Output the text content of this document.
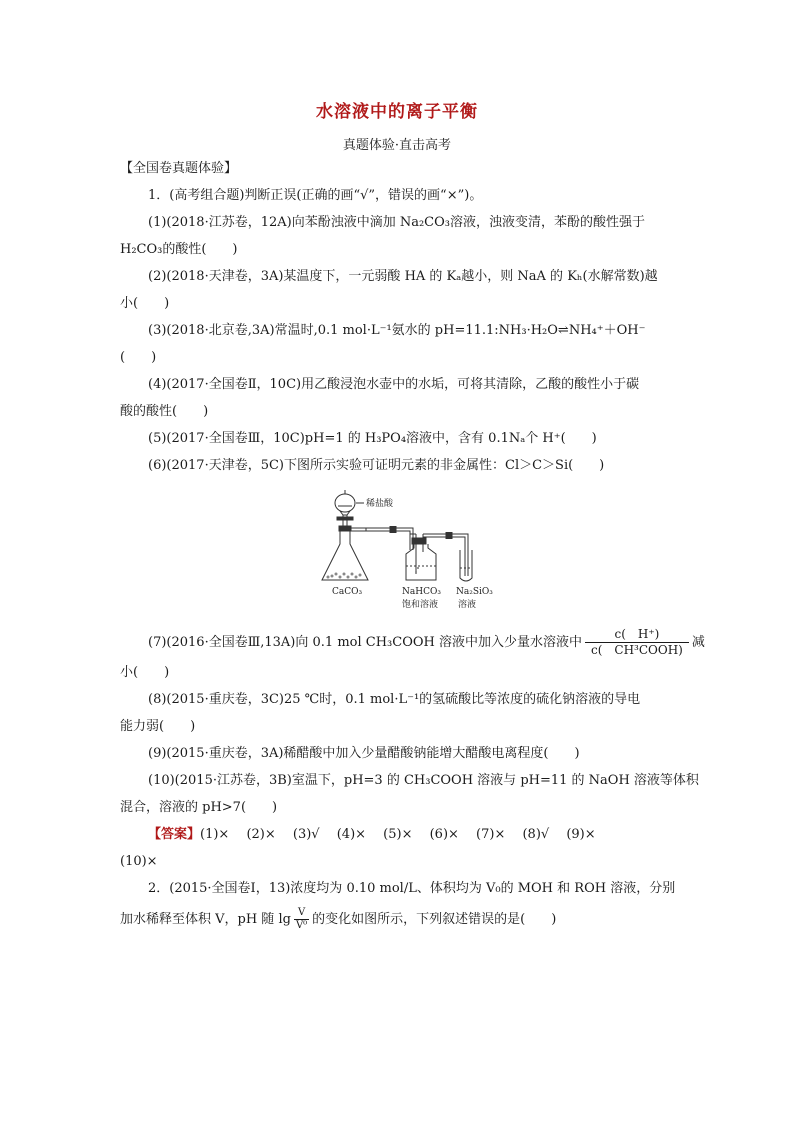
水溶液中的离子平衡
真题体验·直击高考
【全国卷真题体验】
1．(高考组合题)判断正误(正确的画“√”，错误的画“×”)。
(1)(2018·江苏卷，12A)向苯酚浊液中滴加 Na₂CO₃溶液，浊液变清，苯酚的酸性强于
H₂CO₃的酸性(　　)
(2)(2018·天津卷，3A)某温度下，一元弱酸 HA 的 Kₐ越小，则 NaA 的 Kₕ(水解常数)越
小(　　)
(3)(2018·北京卷,3A)常温时,0.1 mol·L⁻¹氨水的 pH=11.1:NH₃·H₂O⇌NH₄⁺＋OH⁻
(　　)
(4)(2017·全国卷Ⅱ，10C)用乙酸浸泡水壶中的水垢，可将其清除，乙酸的酸性小于碳
酸的酸性(　　)
(5)(2017·全国卷Ⅲ，10C)pH=1 的 H₃PO₄溶液中，含有 0.1Nₐ个 H⁺(　　)
(6)(2017·天津卷，5C)下图所示实验可证明元素的非金属性：Cl＞C＞Si(　　)
稀盐酸
CaCO₃	NaHCO₃
饱和溶液
Na₂SiO₃
溶液
(7)(2016·全国卷Ⅲ,13A)向 0.1 mol CH₃COOH 溶液中加入少量水溶液中 $\frac{c( H^+)}{\text{c(　CH³COOH)}}$ 减
小(　　)
(8)(2015·重庆卷，3C)25 ℃时，0.1 mol·L⁻¹的氢硫酸比等浓度的硫化钠溶液的导电
能力弱(　　)
(9)(2015·重庆卷，3A)稀醋酸中加入少量醋酸钠能增大醋酸电离程度(　　)
(10)(2015·江苏卷，3B)室温下，pH=3 的 CH₃COOH 溶液与 pH=11 的 NaOH 溶液等体积
混合，溶液的 pH>7(　　)
【答案】(1)×　 (2)×　 (3)√　 (4)×　 (5)×　 (6)×　 (7)×　 (8)√　 (9)×
(10)×
2．(2015·全国卷Ⅰ，13)浓度均为 0.10 mol/L、体积均为 V₀的 MOH 和 ROH 溶液，分别
加水稀释至体积 V，pH 随 $\lg \frac{V}{\text{V⁰}}$ 的变化如图所示，下列叙述错误的是(　　)
